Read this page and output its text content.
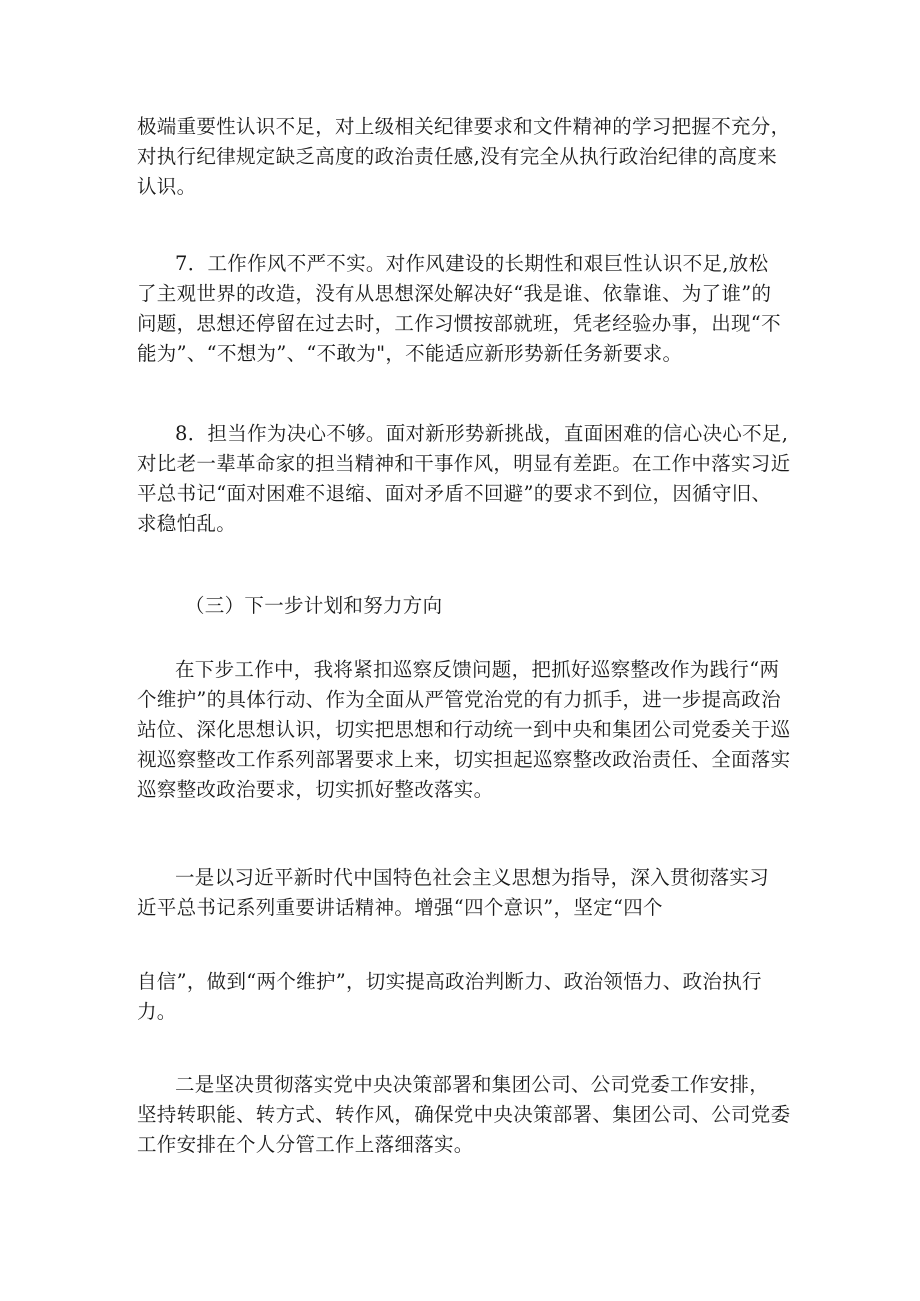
极端重要性认识不足，对上级相关纪律要求和文件精神的学习把握不充分，
对执行纪律规定缺乏高度的政治责任感,没有完全从执行政治纪律的高度来
认识。

7．工作作风不严不实。对作风建设的长期性和艰巨性认识不足,放松
了主观世界的改造，没有从思想深处解决好“我是谁、依靠谁、为了谁”的
问题，思想还停留在过去时，工作习惯按部就班，凭老经验办事，出现“不
能为”、“不想为”、“不敢为"，不能适应新形势新任务新要求。

8．担当作为决心不够。面对新形势新挑战，直面困难的信心决心不足,
对比老一辈革命家的担当精神和干事作风，明显有差距。在工作中落实习近
平总书记“面对困难不退缩、面对矛盾不回避”的要求不到位，因循守旧、
求稳怕乱。

（三）下一步计划和努力方向

在下步工作中，我将紧扣巡察反馈问题，把抓好巡察整改作为践行“两
个维护”的具体行动、作为全面从严管党治党的有力抓手，进一步提高政治
站位、深化思想认识，切实把思想和行动统一到中央和集团公司党委关于巡
视巡察整改工作系列部署要求上来，切实担起巡察整改政治责任、全面落实
巡察整改政治要求，切实抓好整改落实。

一是以习近平新时代中国特色社会主义思想为指导，深入贯彻落实习
近平总书记系列重要讲话精神。增强“四个意识”，坚定“四个

自信”，做到“两个维护”，切实提高政治判断力、政治领悟力、政治执行
力。

二是坚决贯彻落实党中央决策部署和集团公司、公司党委工作安排，
坚持转职能、转方式、转作风，确保党中央决策部署、集团公司、公司党委
工作安排在个人分管工作上落细落实。
